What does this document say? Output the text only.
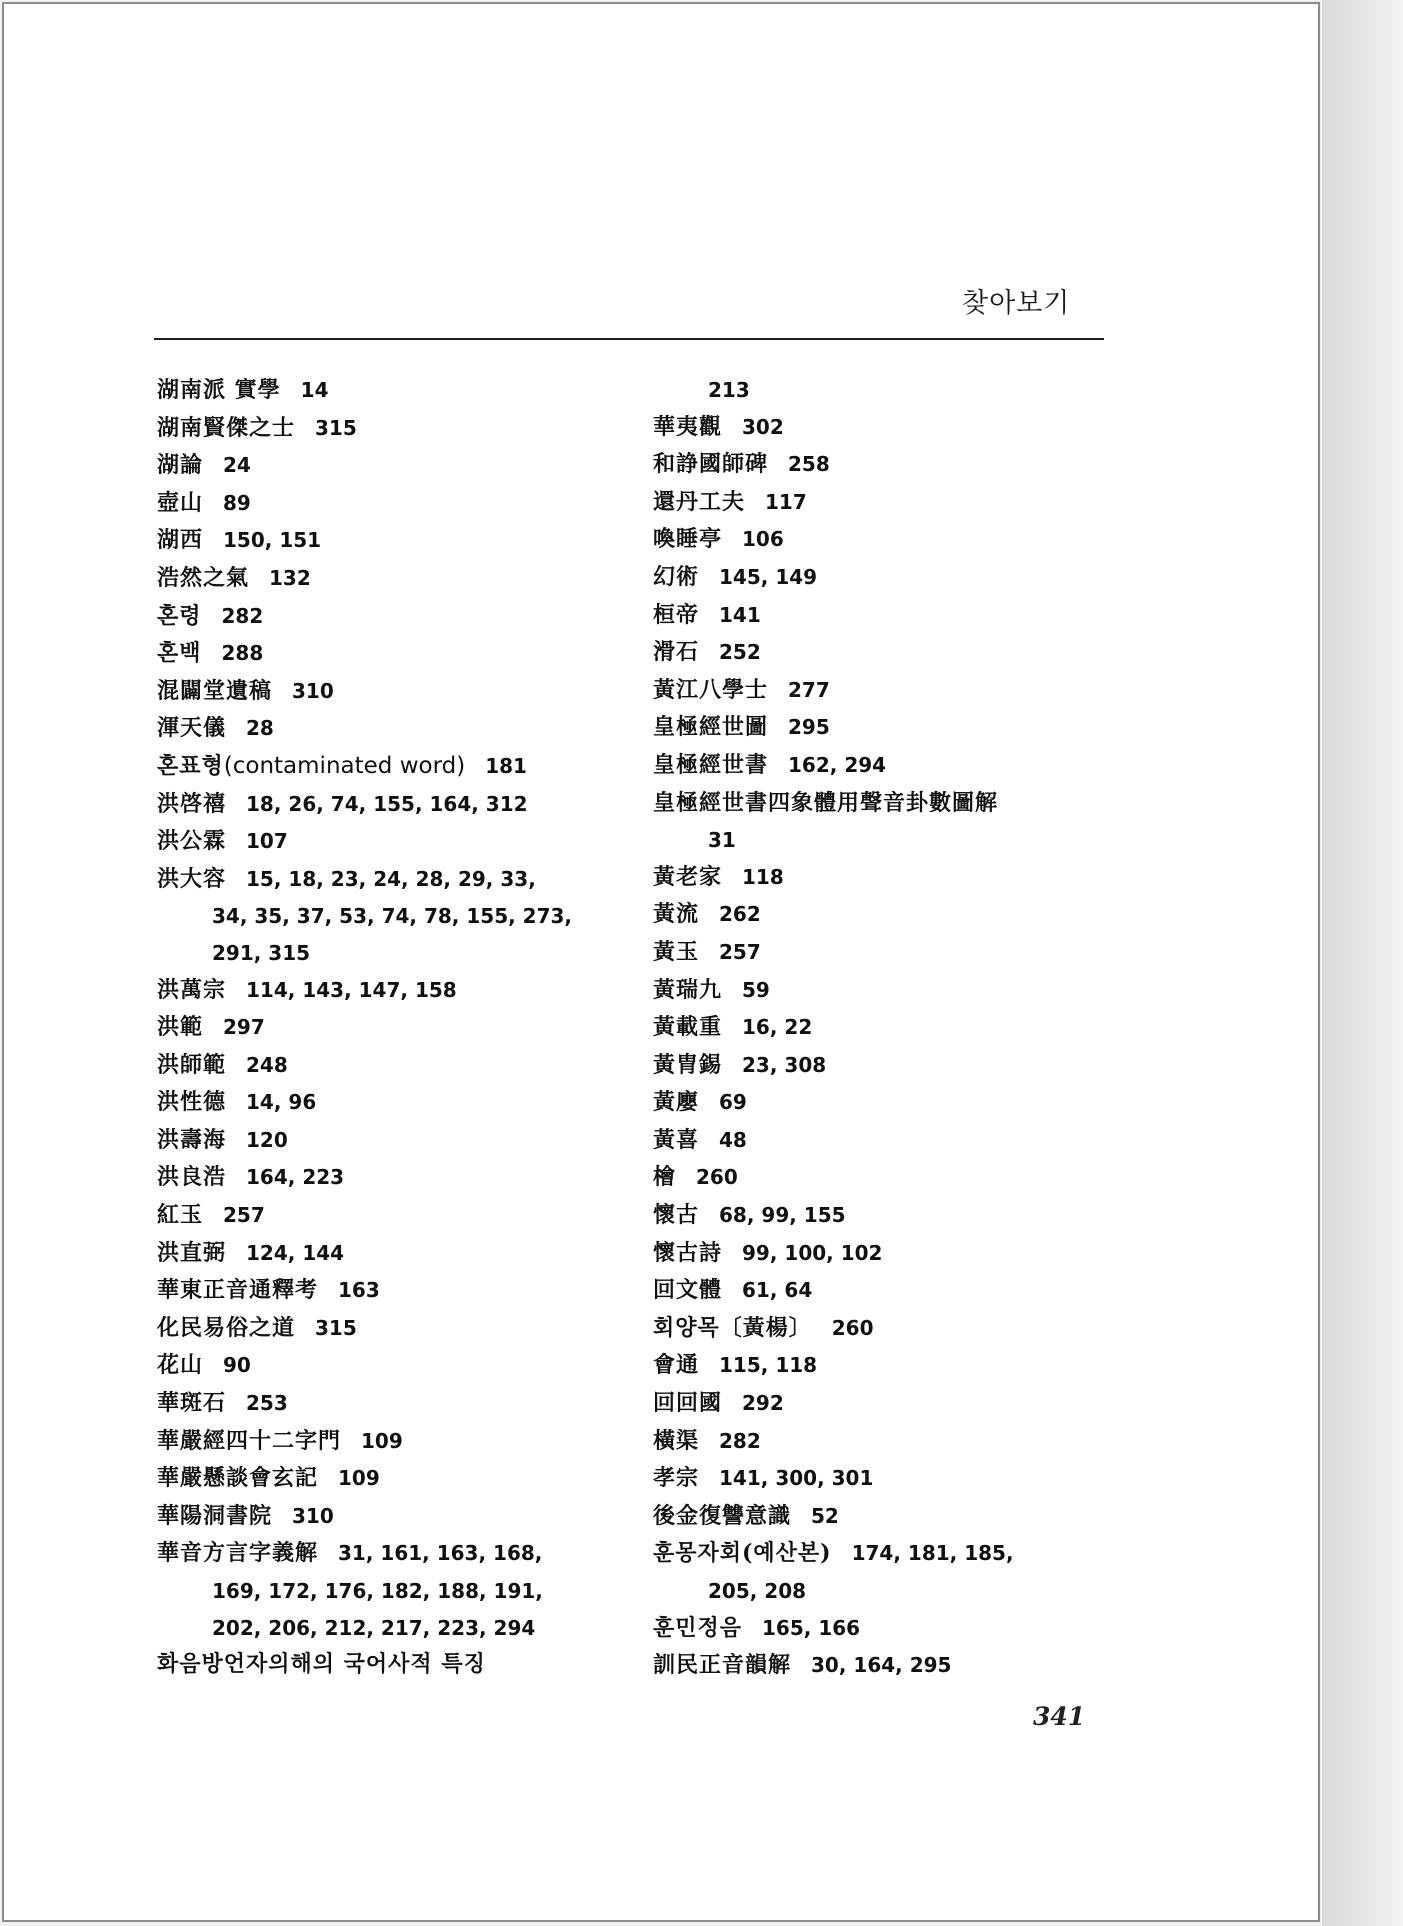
찾아보기
湖南派 實學 14
湖南賢傑之士 315
湖論 24
壺山 89
湖西 150, 151
浩然之氣 132
혼령 282
혼백 288
混闢堂遺稿 310
渾天儀 28
혼표형(contaminated word) 181
洪啓禧 18, 26, 74, 155, 164, 312
洪公霖 107
洪大容 15, 18, 23, 24, 28, 29, 33,
34, 35, 37, 53, 74, 78, 155, 273,
291, 315
洪萬宗 114, 143, 147, 158
洪範 297
洪師範 248
洪性德 14, 96
洪壽海 120
洪良浩 164, 223
紅玉 257
洪直弼 124, 144
華東正音通釋考 163
化民易俗之道 315
花山 90
華斑石 253
華嚴經四十二字門 109
華嚴懸談會玄記 109
華陽洞書院 310
華音方言字義解 31, 161, 163, 168,
169, 172, 176, 182, 188, 191,
202, 206, 212, 217, 223, 294
화음방언자의해의 국어사적 특징
213
華夷觀 302
和諍國師碑 258
還丹工夫 117
喚睡亭 106
幻術 145, 149
桓帝 141
滑石 252
黃江八學士 277
皇極經世圖 295
皇極經世書 162, 294
皇極經世書四象體用聲音卦數圖解
31
黃老家 118
黃流 262
黃玉 257
黃瑞九 59
黃載重 16, 22
黃胄錫 23, 308
黃廮 69
黃喜 48
檜 260
懷古 68, 99, 155
懷古詩 99, 100, 102
回文體 61, 64
회양목〔黃楊〕 260
會通 115, 118
回回國 292
橫渠 282
孝宗 141, 300, 301
後金復讐意識 52
훈몽자회(예산본) 174, 181, 185,
205, 208
훈민정음 165, 166
訓民正音韻解 30, 164, 295
341
